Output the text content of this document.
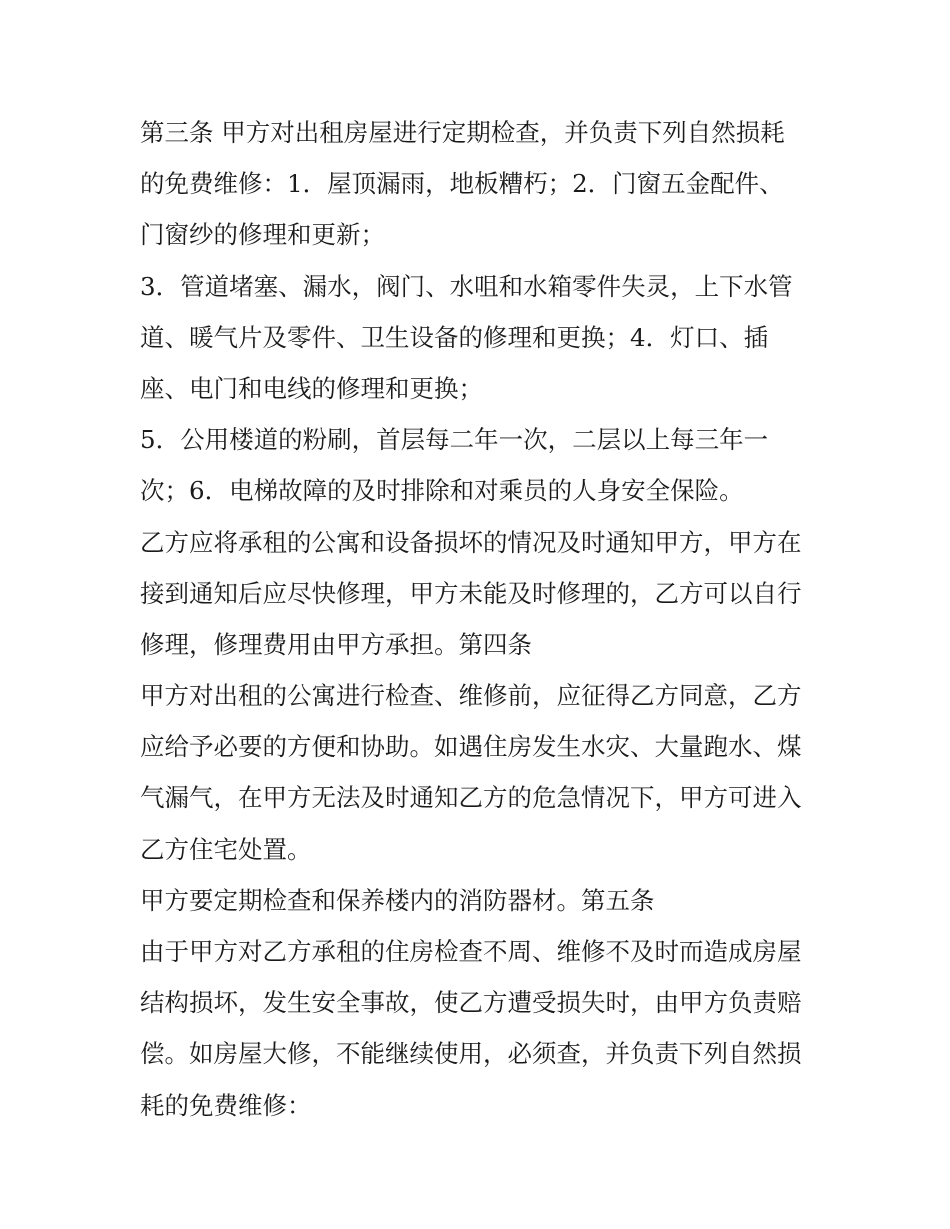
第三条 甲方对出租房屋进行定期检查，并负责下列自然损耗
的免费维修：1．屋顶漏雨，地板糟朽；2．门窗五金配件、
门窗纱的修理和更新；
3．管道堵塞、漏水，阀门、水咀和水箱零件失灵，上下水管
道、暖气片及零件、卫生设备的修理和更换；4．灯口、插
座、电门和电线的修理和更换；
5．公用楼道的粉刷，首层每二年一次，二层以上每三年一
次；6．电梯故障的及时排除和对乘员的人身安全保险。
乙方应将承租的公寓和设备损坏的情况及时通知甲方，甲方在
接到通知后应尽快修理，甲方未能及时修理的，乙方可以自行
修理，修理费用由甲方承担。第四条
甲方对出租的公寓进行检查、维修前，应征得乙方同意，乙方
应给予必要的方便和协助。如遇住房发生水灾、大量跑水、煤
气漏气，在甲方无法及时通知乙方的危急情况下，甲方可进入
乙方住宅处置。
甲方要定期检查和保养楼内的消防器材。第五条
由于甲方对乙方承租的住房检查不周、维修不及时而造成房屋
结构损坏，发生安全事故，使乙方遭受损失时，由甲方负责赔
偿。如房屋大修，不能继续使用，必须查，并负责下列自然损
耗的免费维修：
